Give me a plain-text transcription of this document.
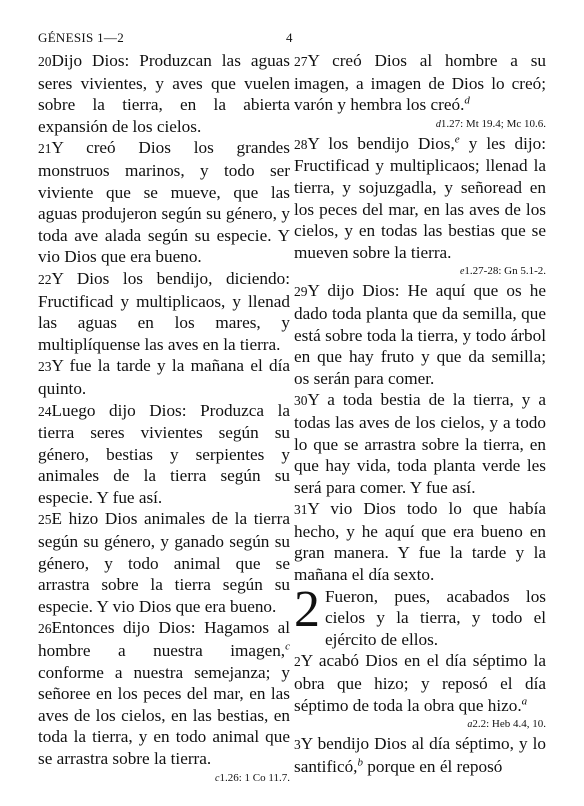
GÉNESIS 1—2	4

20Dijo Dios: Produzcan las aguas seres vivientes, y aves que vuelen sobre la tierra, en la abierta expansión de los cielos.

21Y creó Dios los grandes monstruos marinos, y todo ser viviente que se mueve, que las aguas produjeron según su género, y toda ave alada según su especie. Y vio Dios que era bueno.

22Y Dios los bendijo, diciendo: Fructificad y multiplicaos, y llenad las aguas en los mares, y multiplíquense las aves en la tierra.

23Y fue la tarde y la mañana el día quinto.

24Luego dijo Dios: Produzca la tierra seres vivientes según su género, bestias y serpientes y animales de la tierra según su especie. Y fue así.

25E hizo Dios animales de la tierra según su género, y ganado según su género, y todo animal que se arrastra sobre la tierra según su especie. Y vio Dios que era bueno.

26Entonces dijo Dios: Hagamos al hombre a nuestra imagen,$^c$ conforme a nuestra semejanza; y señoree en los peces del mar, en las aves de los cielos, en las bestias, en toda la tierra, y en todo animal que se arrastra sobre la tierra.

c1.26: 1 Co 11.7.

27Y creó Dios al hombre a su imagen, a imagen de Dios lo creó; varón y hembra los creó.$^d$

d1.27: Mt 19.4; Mc 10.6.

28Y los bendijo Dios,$^e$ y les dijo: Fructificad y multiplicaos; llenad la tierra, y sojuzgadla, y señoread en los peces del mar, en las aves de los cielos, y en todas las bestias que se mueven sobre la tierra.

e1.27-28: Gn 5.1-2.

29Y dijo Dios: He aquí que os he dado toda planta que da semilla, que está sobre toda la tierra, y todo árbol en que hay fruto y que da semilla; os serán para comer.

30Y a toda bestia de la tierra, y a todas las aves de los cielos, y a todo lo que se arrastra sobre la tierra, en que hay vida, toda planta verde les será para comer. Y fue así.

31Y vio Dios todo lo que había hecho, y he aquí que era bueno en gran manera. Y fue la tarde y la mañana el día sexto.

2 Fueron, pues, acabados los cielos y la tierra, y todo el ejército de ellos.

2Y acabó Dios en el día séptimo la obra que hizo; y reposó el día séptimo de toda la obra que hizo.$^a$

a2.2: Heb 4.4, 10.

3Y bendijo Dios al día séptimo, y lo santificó,$^b$ porque en él reposó
